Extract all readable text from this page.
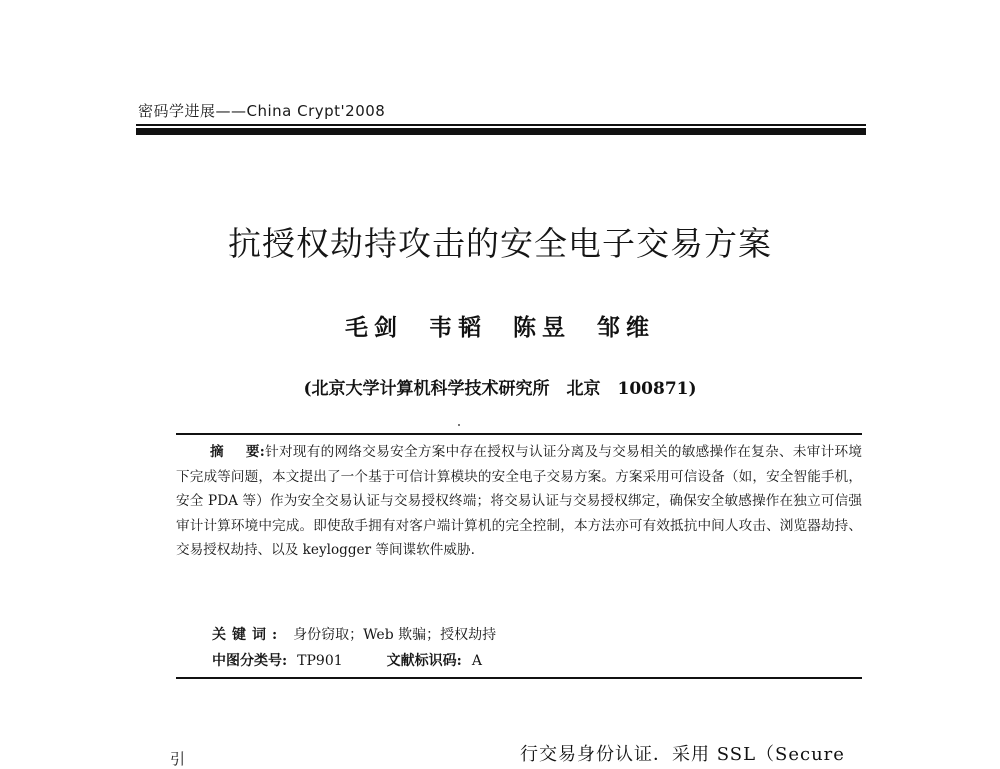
密码学进展——China Crypt'2008
抗授权劫持攻击的安全电子交易方案
毛剑 韦韬 陈昱 邹维
(北京大学计算机科学技术研究所　北京　100871)
摘要:针对现有的网络交易安全方案中存在授权与认证分离及与交易相关的敏感操作在复杂、未审计环境下完成等问题，本文提出了一个基于可信计算模块的安全电子交易方案。方案采用可信设备（如，安全智能手机，安全 PDA 等）作为安全交易认证与交易授权终端；将交易认证与交易授权绑定，确保安全敏感操作在独立可信强审计计算环境中完成。即使敌手拥有对客户端计算机的完全控制，本方法亦可有效抵抗中间人攻击、浏览器劫持、交易授权劫持、以及 keylogger 等间谍软件威胁.
关键词: 身份窃取；Web 欺骗；授权劫持
中图分类号: TP901	文献标识码: A
引	行交易身份认证．采用 SSL（Secure
